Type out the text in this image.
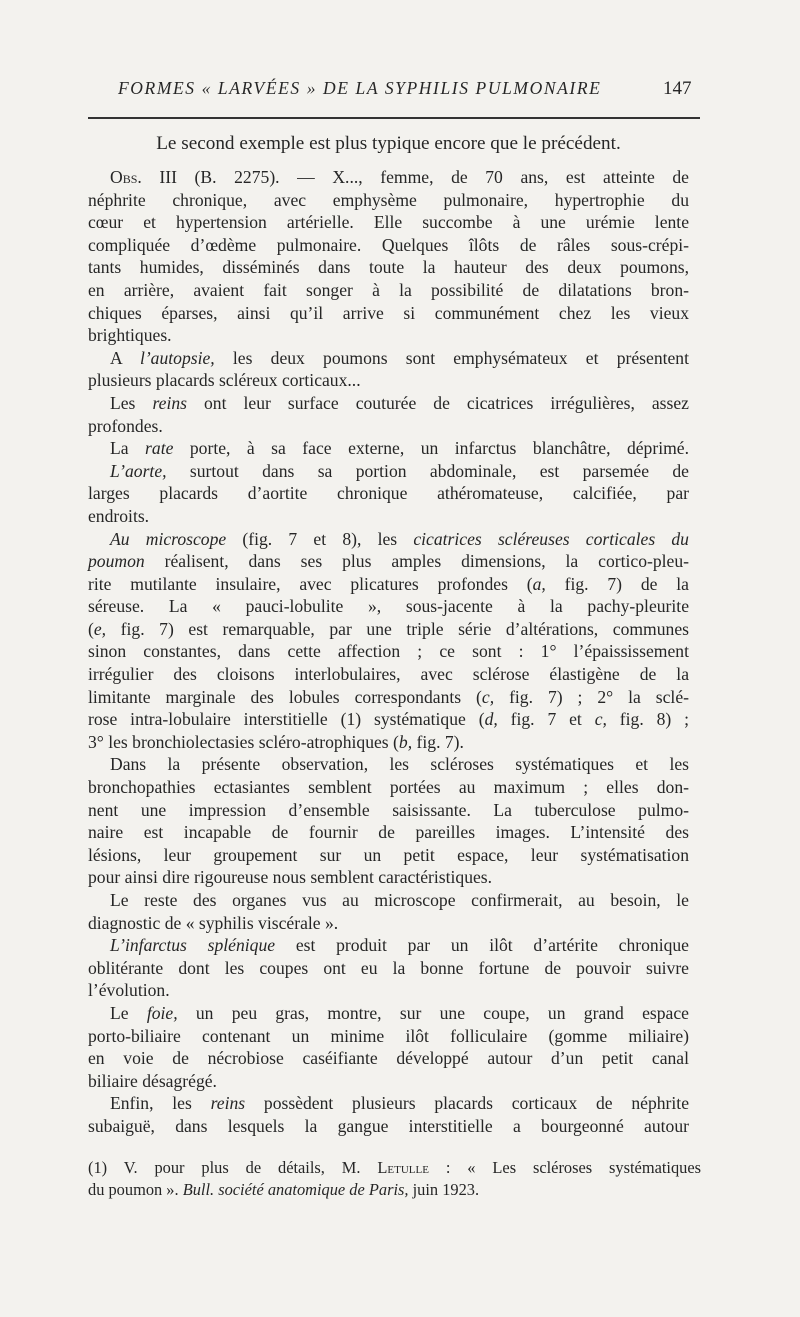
FORMES « LARVÉES » DE LA SYPHILIS PULMONAIRE	147
Le second exemple est plus typique encore que le précédent.
Obs. III (B. 2275). — X..., femme, de 70 ans, est atteinte de
néphrite chronique, avec emphysème pulmonaire, hypertrophie du
cœur et hypertension artérielle. Elle succombe à une urémie lente
compliquée d’œdème pulmonaire. Quelques îlôts de râles sous-crépi-
tants humides, disséminés dans toute la hauteur des deux poumons,
en arrière, avaient fait songer à la possibilité de dilatations bron-
chiques éparses, ainsi qu’il arrive si communément chez les vieux
brightiques.
A l’autopsie, les deux poumons sont emphysémateux et présentent
plusieurs placards scléreux corticaux...
Les reins ont leur surface couturée de cicatrices irrégulières, assez
profondes.
La rate porte, à sa face externe, un infarctus blanchâtre, déprimé.
L’aorte, surtout dans sa portion abdominale, est parsemée de
larges placards d’aortite chronique athéromateuse, calcifiée, par
endroits.
Au microscope (fig. 7 et 8), les cicatrices scléreuses corticales du
poumon réalisent, dans ses plus amples dimensions, la cortico-pleu-
rite mutilante insulaire, avec plicatures profondes (a, fig. 7) de la
séreuse. La « pauci-lobulite », sous-jacente à la pachy-pleurite
(e, fig. 7) est remarquable, par une triple série d’altérations, communes
sinon constantes, dans cette affection ; ce sont : 1° l’épaississement
irrégulier des cloisons interlobulaires, avec sclérose élastigène de la
limitante marginale des lobules correspondants (c, fig. 7) ; 2° la sclé-
rose intra-lobulaire interstitielle (1) systématique (d, fig. 7 et c, fig. 8) ;
3° les bronchiolectasies scléro-atrophiques (b, fig. 7).
Dans la présente observation, les scléroses systématiques et les
bronchopathies ectasiantes semblent portées au maximum ; elles don-
nent une impression d’ensemble saisissante. La tuberculose pulmo-
naire est incapable de fournir de pareilles images. L’intensité des
lésions, leur groupement sur un petit espace, leur systématisation
pour ainsi dire rigoureuse nous semblent caractéristiques.
Le reste des organes vus au microscope confirmerait, au besoin, le
diagnostic de « syphilis viscérale ».
L’infarctus splénique est produit par un ilôt d’artérite chronique
oblitérante dont les coupes ont eu la bonne fortune de pouvoir suivre
l’évolution.
Le foie, un peu gras, montre, sur une coupe, un grand espace
porto-biliaire contenant un minime ilôt folliculaire (gomme miliaire)
en voie de nécrobiose caséifiante développé autour d’un petit canal
biliaire désagrégé.
Enfin, les reins possèdent plusieurs placards corticaux de néphrite
subaiguë, dans lesquels la gangue interstitielle a bourgeonné autour
(1) V. pour plus de détails, M. Letulle : « Les scléroses systématiques
du poumon ». Bull. société anatomique de Paris, juin 1923.
